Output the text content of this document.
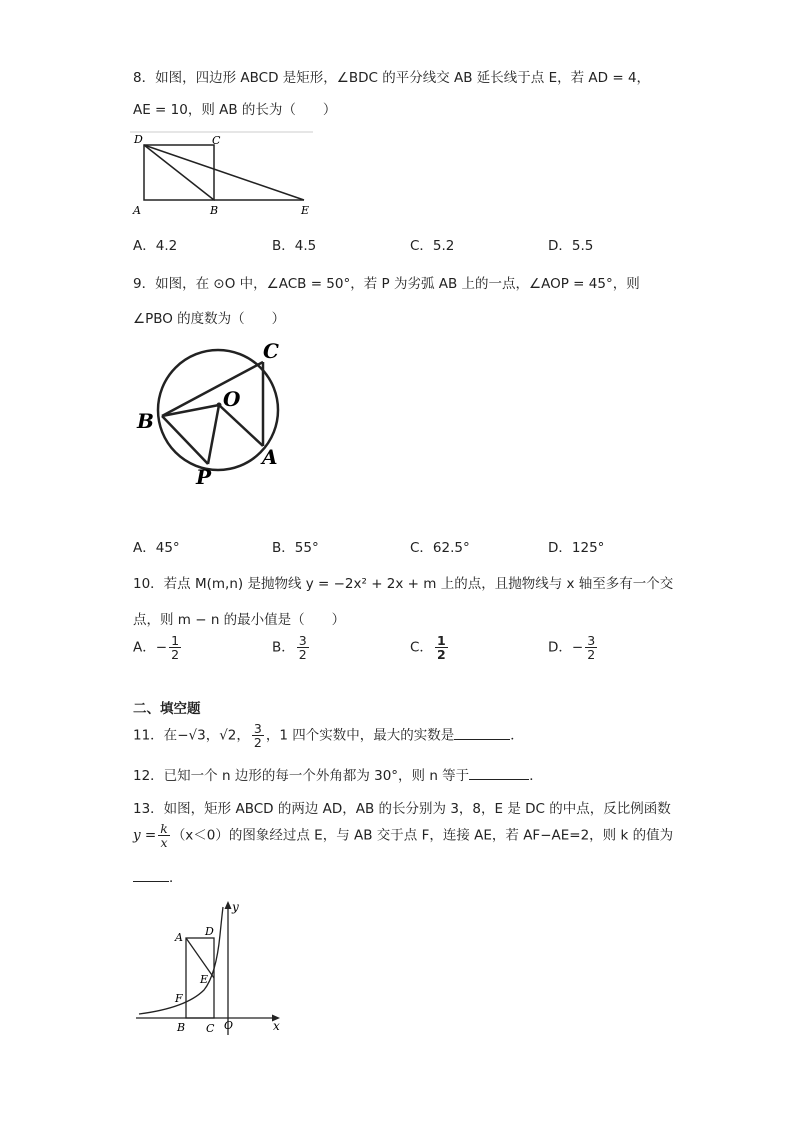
8．如图，四边形 ABCD 是矩形，∠BDC 的平分线交 AB 延长线于点 E，若 AD = 4，
AE = 10，则 AB 的长为（　　）
D	C
A	B	E
A．4.2	B．4.5	C．5.2	D．5.5
9．如图，在 ⊙O 中，∠ACB = 50°，若 P 为劣弧 AB 上的一点，∠AOP = 45°，则
∠PBO 的度数为（　　）
C
O
B
A
P
A．45°	B．55°	C．62.5°	D．125°
10．若点 M(m,n) 是抛物线 y = −2x² + 2x + m 上的点，且抛物线与 x 轴至多有一个交
点，则 m − n 的最小值是（　　）
A．− $\frac{1}{2}$	B． $\frac{3}{2}$	C． $\frac{1}{2}$	D．− $\frac{3}{2}$
二、填空题
11．在−√3，√2， $\frac{3}{2}$ ，1 四个实数中，最大的实数是	．
12．已知一个 n 边形的每一个外角都为 30°，则 n 等于	．
13．如图，矩形 ABCD 的两边 AD，AB 的长分别为 3，8，E 是 DC 的中点，反比例函数
$y = \frac{k}{x} (x<0)$的图象经过点 E，与 AB 交于点 F，连接 AE，若 AF−AE=2，则 k 的值为
．
y
A D
E
F
B C O	x
